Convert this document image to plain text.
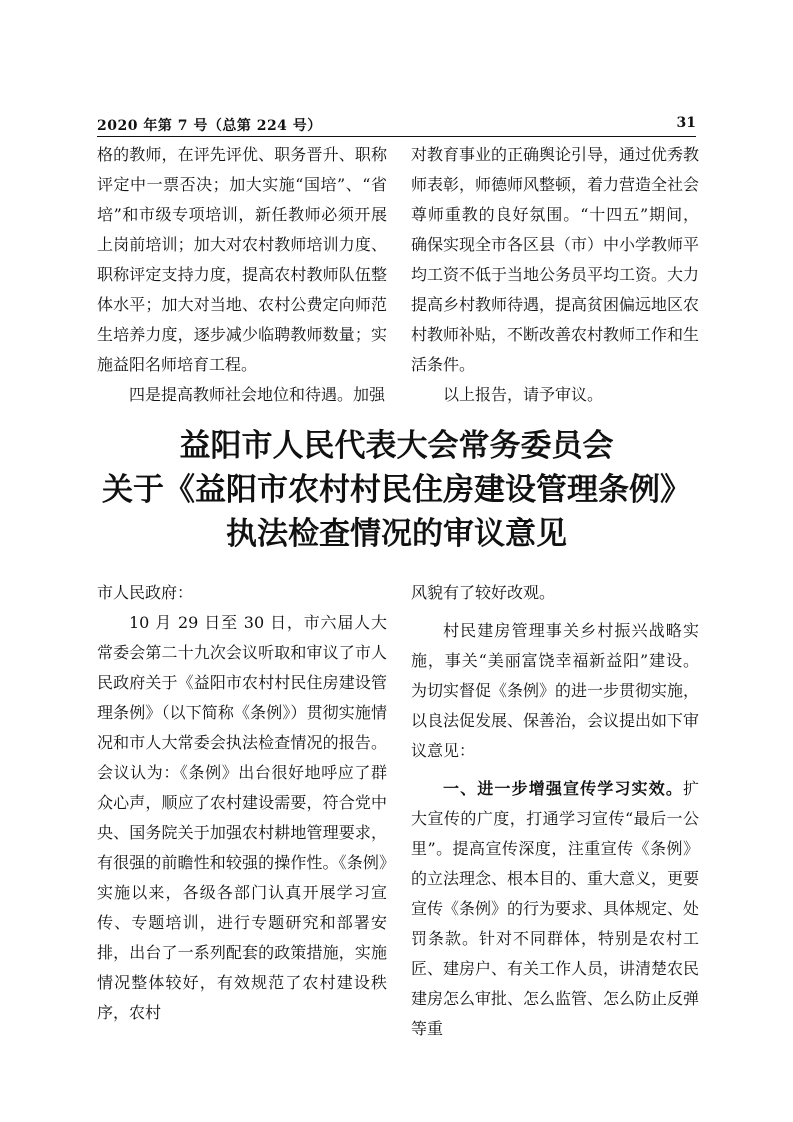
2020 年第 7 号（总第 224 号）	31

格的教师，在评先评优、职务晋升、职称评定中一票否决；加大实施“国培”、“省培”和市级专项培训，新任教师必须开展上岗前培训；加大对农村教师培训力度、职称评定支持力度，提高农村教师队伍整体水平；加大对当地、农村公费定向师范生培养力度，逐步减少临聘教师数量；实施益阳名师培育工程。

四是提高教师社会地位和待遇。加强

对教育事业的正确舆论引导，通过优秀教师表彰，师德师风整顿，着力营造全社会尊师重教的良好氛围。“十四五”期间，确保实现全市各区县（市）中小学教师平均工资不低于当地公务员平均工资。大力提高乡村教师待遇，提高贫困偏远地区农村教师补贴，不断改善农村教师工作和生活条件。

以上报告，请予审议。

益阳市人民代表大会常务委员会
关于《益阳市农村村民住房建设管理条例》
执法检查情况的审议意见

市人民政府：

10 月 29 日至 30 日，市六届人大常委会第二十九次会议听取和审议了市人民政府关于《益阳市农村村民住房建设管理条例》（以下简称《条例》）贯彻实施情况和市人大常委会执法检查情况的报告。会议认为：《条例》出台很好地呼应了群众心声，顺应了农村建设需要，符合党中央、国务院关于加强农村耕地管理要求，有很强的前瞻性和较强的操作性。《条例》实施以来，各级各部门认真开展学习宣传、专题培训，进行专题研究和部署安排，出台了一系列配套的政策措施，实施情况整体较好，有效规范了农村建设秩序，农村

风貌有了较好改观。

村民建房管理事关乡村振兴战略实施，事关“美丽富饶幸福新益阳”建设。为切实督促《条例》的进一步贯彻实施，以良法促发展、保善治，会议提出如下审议意见：

一、进一步增强宣传学习实效。扩大宣传的广度，打通学习宣传“最后一公里”。提高宣传深度，注重宣传《条例》的立法理念、根本目的、重大意义，更要宣传《条例》的行为要求、具体规定、处罚条款。针对不同群体，特别是农村工匠、建房户、有关工作人员，讲清楚农民建房怎么审批、怎么监管、怎么防止反弹等重
